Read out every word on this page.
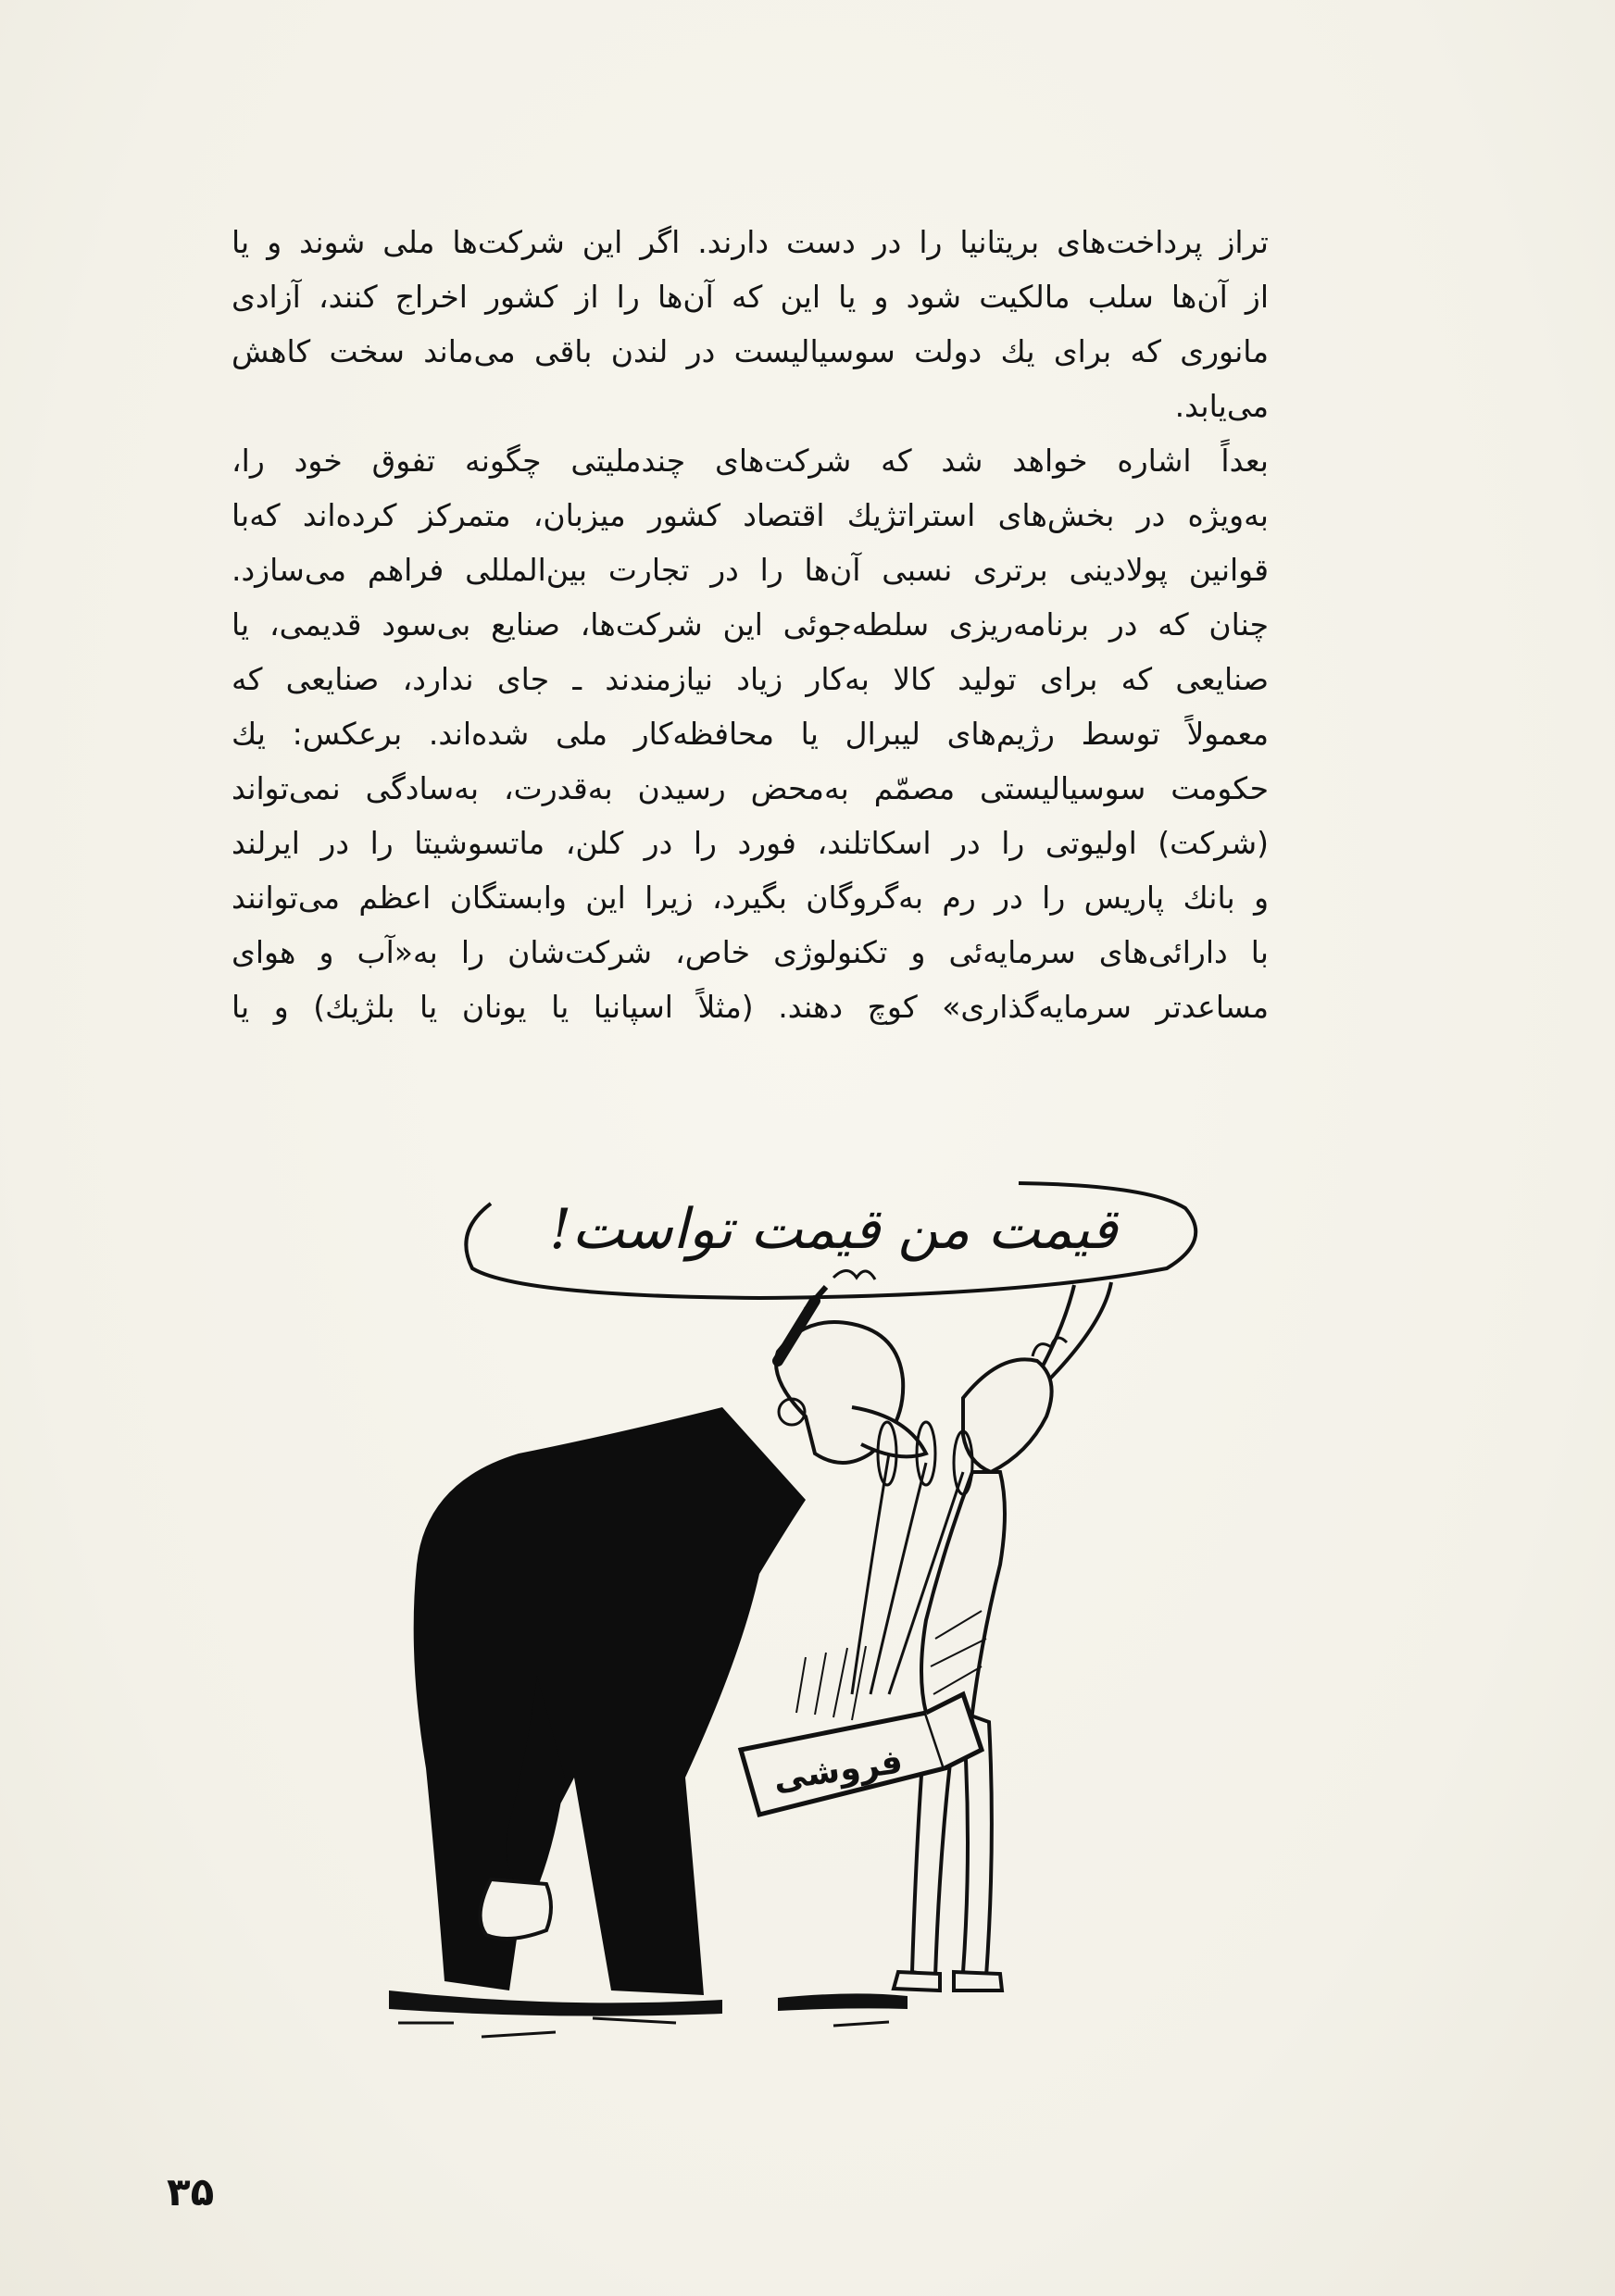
تراز پرداخت‌های بریتانیا را در دست دارند. اگر این شرکت‌ها ملی شوند و یا
از آن‌ها سلب مالکیت شود و یا این که آن‌ها را از کشور اخراج کنند، آزادی
مانوری که برای یك دولت سوسیالیست در لندن باقی می‌ماند سخت کاهش
می‌یابد.
بعداً اشاره خواهد شد که شرکت‌های چندملیتی چگونه تفوق خود را،
به‌ویژه در بخش‌های استراتژیك اقتصاد کشور میزبان، متمرکز کرده‌اند که‌با
قوانین پولادینی برتری نسبی آن‌ها را در تجارت بین‌المللی فراهم می‌سازد.
چنان که در برنامه‌ریزی سلطه‌جوئی این شرکت‌ها، صنایع بی‌سود قدیمی، یا
صنایعی که برای تولید کالا به‌کار زیاد نیازمندند ـ جای ندارد، صنایعی که
معمولاً توسط رژیم‌های لیبرال یا محافظه‌کار ملی شده‌اند. برعکس: یك
حکومت سوسیالیستی مصمّم به‌محض رسیدن به‌قدرت، به‌سادگی نمی‌تواند
(شرکت) اولیوتی را در اسکاتلند، فورد را در کلن، ماتسوشیتا را در ایرلند
و بانك پاریس را در رم به‌گروگان بگیرد، زیرا این وابستگان اعظم می‌توانند
با دارائی‌های سرمایه‌ئی و تکنولوژی خاص، شرکت‌شان را به«آب و هوای
مساعدتر سرمایه‌گذاری» کوچ دهند. (مثلاً اسپانیا یا یونان یا بلژیك) و یا
قیمت من قیمت تواست!
فروشی
۳۵
